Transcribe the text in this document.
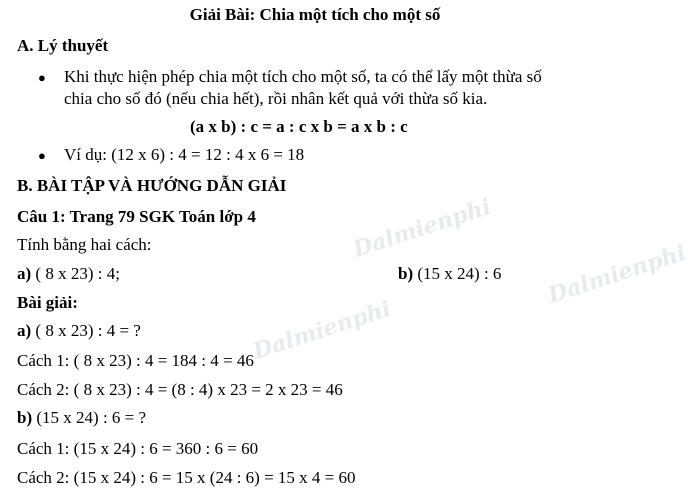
Dalmienphi
Dalmienphi
Dalmienphi
Giải Bài: Chia một tích cho một số
A. Lý thuyết
● Khi thực hiện phép chia một tích cho một số, ta có thể lấy một thừa số
chia cho số đó (nếu chia hết), rồi nhân kết quả với thừa số kia.
(a x b) : c = a : c x b = a x b : c
● Ví dụ: (12 x 6) : 4 = 12 : 4 x 6 = 18
B. BÀI TẬP VÀ HƯỚNG DẪN GIẢI
Câu 1: Trang 79 SGK Toán lớp 4
Tính bằng hai cách:
a) ( 8 x 23) : 4;	b) (15 x 24) : 6
Bài giải:
a) ( 8 x 23) : 4 = ?
Cách 1: ( 8 x 23) : 4 = 184 : 4 = 46
Cách 2: ( 8 x 23) : 4 = (8 : 4) x 23 = 2 x 23 = 46
b) (15 x 24) : 6 = ?
Cách 1: (15 x 24) : 6 = 360 : 6 = 60
Cách 2: (15 x 24) : 6 = 15 x (24 : 6) = 15 x 4 = 60
